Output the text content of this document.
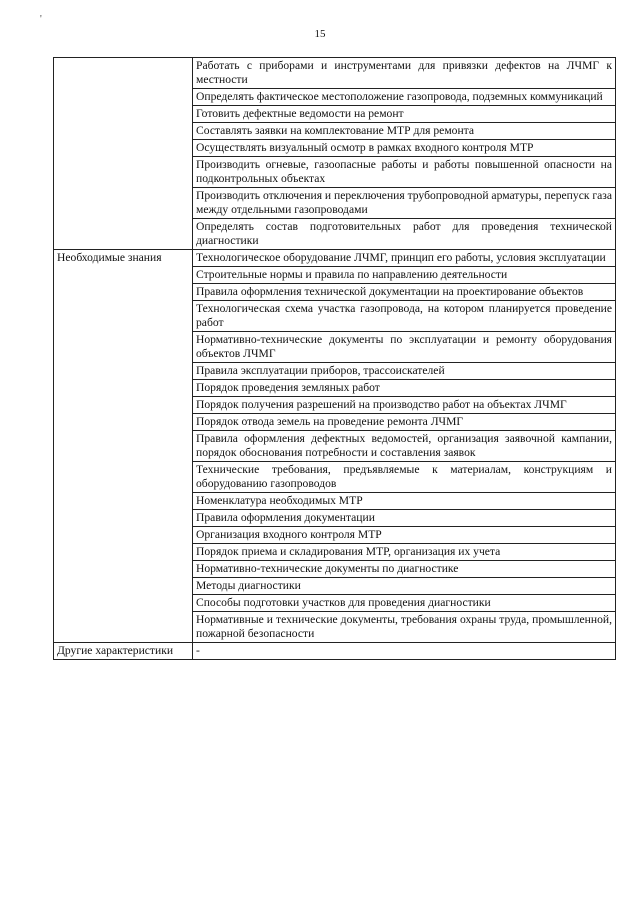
'
15

	Работать с приборами и инструментами для привязки дефектов на ЛЧМГ к местности

	Определять фактическое местоположение газопровода, подземных коммуникаций

	Готовить дефектные ведомости на ремонт

	Составлять заявки на комплектование МТР для ремонта

	Осуществлять визуальный осмотр в рамках входного контроля МТР

	Производить огневые, газоопасные работы и работы повышенной опасности на подконтрольных объектах

	Производить отключения и переключения трубопроводной арматуры, перепуск газа между отдельными газопроводами

	Определять состав подготовительных работ для проведения технической диагностики

Необходимые знания	Технологическое оборудование ЛЧМГ, принцип его работы, условия эксплуатации

	Строительные нормы и правила по направлению деятельности

	Правила оформления технической документации на проектирование объектов

	Технологическая схема участка газопровода, на котором планируется проведение работ

	Нормативно-технические документы по эксплуатации и ремонту оборудования объектов ЛЧМГ

	Правила эксплуатации приборов, трассоискателей

	Порядок проведения земляных работ

	Порядок получения разрешений на производство работ на объектах ЛЧМГ

	Порядок отвода земель на проведение ремонта ЛЧМГ

	Правила оформления дефектных ведомостей, организация заявочной кампании, порядок обоснования потребности и составления заявок

	Технические требования, предъявляемые к материалам, конструкциям и оборудованию газопроводов

	Номенклатура необходимых МТР

	Правила оформления документации

	Организация входного контроля МТР

	Порядок приема и складирования МТР, организация их учета

	Нормативно-технические документы по диагностике

	Методы диагностики

	Способы подготовки участков для проведения диагностики

	Нормативные и технические документы, требования охраны труда, промышленной, пожарной безопасности

Другие характеристики	-
